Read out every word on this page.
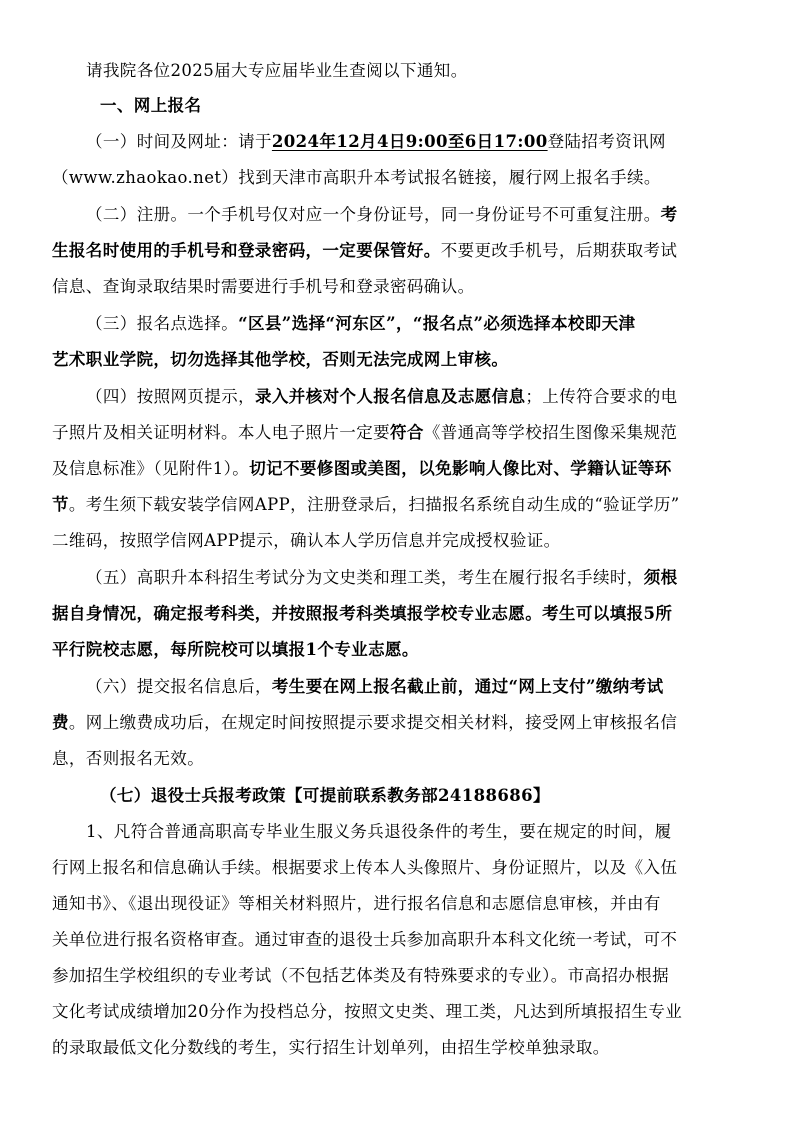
请我院各位2025届大专应届毕业生查阅以下通知。
一、网上报名
（一）时间及网址：请于2024年12月4日9:00至6日17:00登陆招考资讯网
（www.zhaokao.net）找到天津市高职升本考试报名链接，履行网上报名手续。
（二）注册。一个手机号仅对应一个身份证号，同一身份证号不可重复注册。考
生报名时使用的手机号和登录密码，一定要保管好。不要更改手机号，后期获取考试
信息、查询录取结果时需要进行手机号和登录密码确认。
（三）报名点选择。“区县”选择“河东区”，“报名点”必须选择本校即天津
艺术职业学院，切勿选择其他学校，否则无法完成网上审核。
（四）按照网页提示，录入并核对个人报名信息及志愿信息；上传符合要求的电
子照片及相关证明材料。本人电子照片一定要符合《普通高等学校招生图像采集规范
及信息标准》（见附件1）。切记不要修图或美图，以免影响人像比对、学籍认证等环
节。考生须下载安装学信网APP，注册登录后，扫描报名系统自动生成的“验证学历”
二维码，按照学信网APP提示，确认本人学历信息并完成授权验证。
（五）高职升本科招生考试分为文史类和理工类，考生在履行报名手续时，须根
据自身情况，确定报考科类，并按照报考科类填报学校专业志愿。考生可以填报5所
平行院校志愿，每所院校可以填报1个专业志愿。
（六）提交报名信息后，考生要在网上报名截止前，通过“网上支付”缴纳考试
费。网上缴费成功后，在规定时间按照提示要求提交相关材料，接受网上审核报名信
息，否则报名无效。
（七）退役士兵报考政策【可提前联系教务部24188686】
1、凡符合普通高职高专毕业生服义务兵退役条件的考生，要在规定的时间，履
行网上报名和信息确认手续。根据要求上传本人头像照片、身份证照片，以及《入伍
通知书》、《退出现役证》等相关材料照片，进行报名信息和志愿信息审核，并由有
关单位进行报名资格审查。通过审查的退役士兵参加高职升本科文化统一考试，可不
参加招生学校组织的专业考试（不包括艺体类及有特殊要求的专业）。市高招办根据
文化考试成绩增加20分作为投档总分，按照文史类、理工类，凡达到所填报招生专业
的录取最低文化分数线的考生，实行招生计划单列，由招生学校单独录取。
